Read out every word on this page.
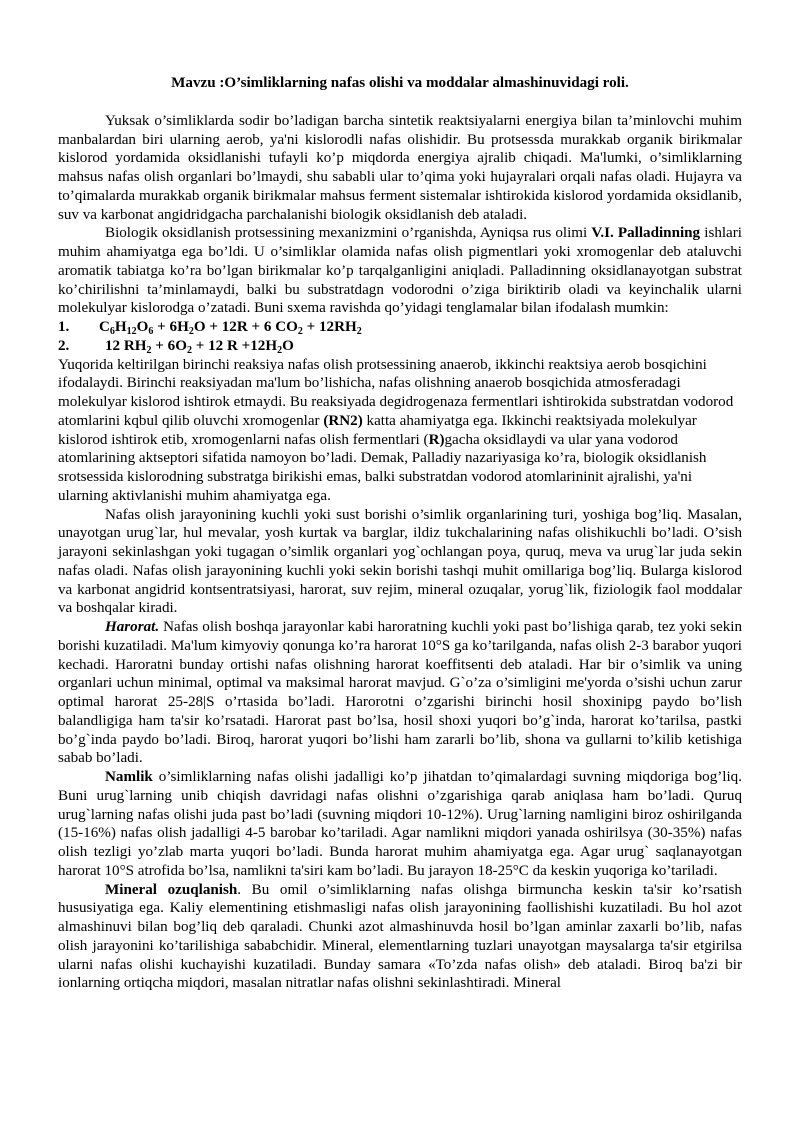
Mavzu :O’simliklarning nafas olishi va moddalar almashinuvidagi roli.

Yuksak o’simliklarda sodir bo’ladigan barcha sintetik reaktsiyalarni energiya bilan ta’minlovchi muhim manbalardan biri ularning aerob, ya'ni kislorodli nafas olishidir. Bu protsessda murakkab organik birikmalar kislorod yordamida oksidlanishi tufayli ko’p miqdorda energiya ajralib chiqadi. Ma'lumki, o’simliklarning mahsus nafas olish organlari bo’lmaydi, shu sababli ular to’qima yoki hujayralari orqali nafas oladi. Hujayra va to’qimalarda murakkab organik birikmalar mahsus ferment sistemalar ishtirokida kislorod yordamida oksidlanib, suv va karbonat angidridgacha parchalanishi biologik oksidlanish deb ataladi.

Biologik oksidlanish protsessining mexanizmini o’rganishda, Ayniqsa rus olimi V.I. Palladinning ishlari muhim ahamiyatga ega bo’ldi. U o’simliklar olamida nafas olish pigmentlari yoki xromogenlar deb ataluvchi aromatik tabiatga ko’ra bo’lgan birikmalar ko’p tarqalganligini aniqladi. Palladinning oksidlanayotgan substrat ko’chirilishni ta’minlamaydi, balki bu substratdagn vodorodni o’ziga biriktirib oladi va keyinchalik ularni molekulyar kislorodga o’zatadi. Buni sxema ravishda qo’yidagi tenglamalar bilan ifodalash mumkin:

1.	$C_6H_{12}O_6 + 6H_2O + 12R + 6$ $CO_2 + 12RH_2$
2.	12 $RH_2 + 6O_2 + 12$ $R +12H_2O$

Yuqorida keltirilgan birinchi reaksiya nafas olish protsessining anaerob, ikkinchi reaktsiya aerob bosqichini ifodalaydi. Birinchi reaksiyadan ma'lum bo’lishicha, nafas olishning anaerob bosqichida atmosferadagi molekulyar kislorod ishtirok etmaydi. Bu reaksiyada degidrogenaza fermentlari ishtirokida substratdan vodorod atomlarini kqbul qilib oluvchi xromogenlar (RN2) katta ahamiyatga ega. Ikkinchi reaktsiyada molekulyar kislorod ishtirok etib, xromogenlarni nafas olish fermentlari (R)gacha oksidlaydi va ular yana vodorod atomlarining aktseptori sifatida namoyon bo’ladi. Demak, Palladiy nazariyasiga ko’ra, biologik oksidlanish srotsessida kislorodning substratga birikishi emas, balki substratdan vodorod atomlarininit ajralishi, ya'ni ularning aktivlanishi muhim ahamiyatga ega.

Nafas olish jarayonining kuchli yoki sust borishi o’simlik organlarining turi, yoshiga bog’liq. Masalan, unayotgan urug`lar, hul mevalar, yosh kurtak va barglar, ildiz tukchalarining nafas olishikuchli bo’ladi. O’sish jarayoni sekinlashgan yoki tugagan o’simlik organlari yog`ochlangan poya, quruq, meva va urug`lar juda sekin nafas oladi. Nafas olish jarayonining kuchli yoki sekin borishi tashqi muhit omillariga bog’liq. Bularga kislorod va karbonat angidrid kontsentratsiyasi, harorat, suv rejim, mineral ozuqalar, yorug`lik, fiziologik faol moddalar va boshqalar kiradi.

Harorat. Nafas olish boshqa jarayonlar kabi haroratning kuchli yoki past bo’lishiga qarab, tez yoki sekin borishi kuzatiladi. Ma'lum kimyoviy qonunga ko’ra harorat 10°S ga ko’tarilganda, nafas olish 2-3 barabor yuqori kechadi. Haroratni bunday ortishi nafas olishning harorat koeffitsenti deb ataladi. Har bir o’simlik va uning organlari uchun minimal, optimal va maksimal harorat mavjud. G`o’za o’simligini me'yorda o’sishi uchun zarur optimal harorat 25-28|S o’rtasida bo’ladi. Harorotni o’zgarishi birinchi hosil shoxinipg paydo bo’lish balandligiga ham ta'sir ko’rsatadi. Harorat past bo’lsa, hosil shoxi yuqori bo’g`inda, harorat ko’tarilsa, pastki bo’g`inda paydo bo’ladi. Biroq, harorat yuqori bo’lishi ham zararli bo’lib, shona va gullarni to’kilib ketishiga sabab bo’ladi.

Namlik o’simliklarning nafas olishi jadalligi ko’p jihatdan to’qimalardagi suvning miqdoriga bog’liq. Buni urug`larning unib chiqish davridagi nafas olishni o’zgarishiga qarab aniqlasa ham bo’ladi. Quruq urug`larning nafas olishi juda past bo’ladi (suvning miqdori 10-12%). Urug`larning namligini biroz oshirilganda (15-16%) nafas olish jadalligi 4-5 barobar ko’tariladi. Agar namlikni miqdori yanada oshirilsya (30-35%) nafas olish tezligi yo’zlab marta yuqori bo’ladi. Bunda harorat muhim ahamiyatga ega. Agar urug` saqlanayotgan harorat 10°S atrofida bo’lsa, namlikni ta'siri kam bo’ladi. Bu jarayon 18-25°C da keskin yuqoriga ko’tariladi.

Mineral ozuqlanish. Bu omil o’simliklarning nafas olishga birmuncha keskin ta'sir ko’rsatish hususiyatiga ega. Kaliy elementining etishmasligi nafas olish jarayonining faollishishi kuzatiladi. Bu hol azot almashinuvi bilan bog’liq deb qaraladi. Chunki azot almashinuvda hosil bo’lgan aminlar zaxarli bo’lib, nafas olish jarayonini ko’tarilishiga sababchidir. Mineral, elementlarning tuzlari unayotgan maysalarga ta'sir etgirilsa ularni nafas olishi kuchayishi kuzatiladi. Bunday samara «To’zda nafas olish» deb ataladi. Biroq ba'zi bir ionlarning ortiqcha miqdori, masalan nitratlar nafas olishni sekinlashtiradi. Mineral
